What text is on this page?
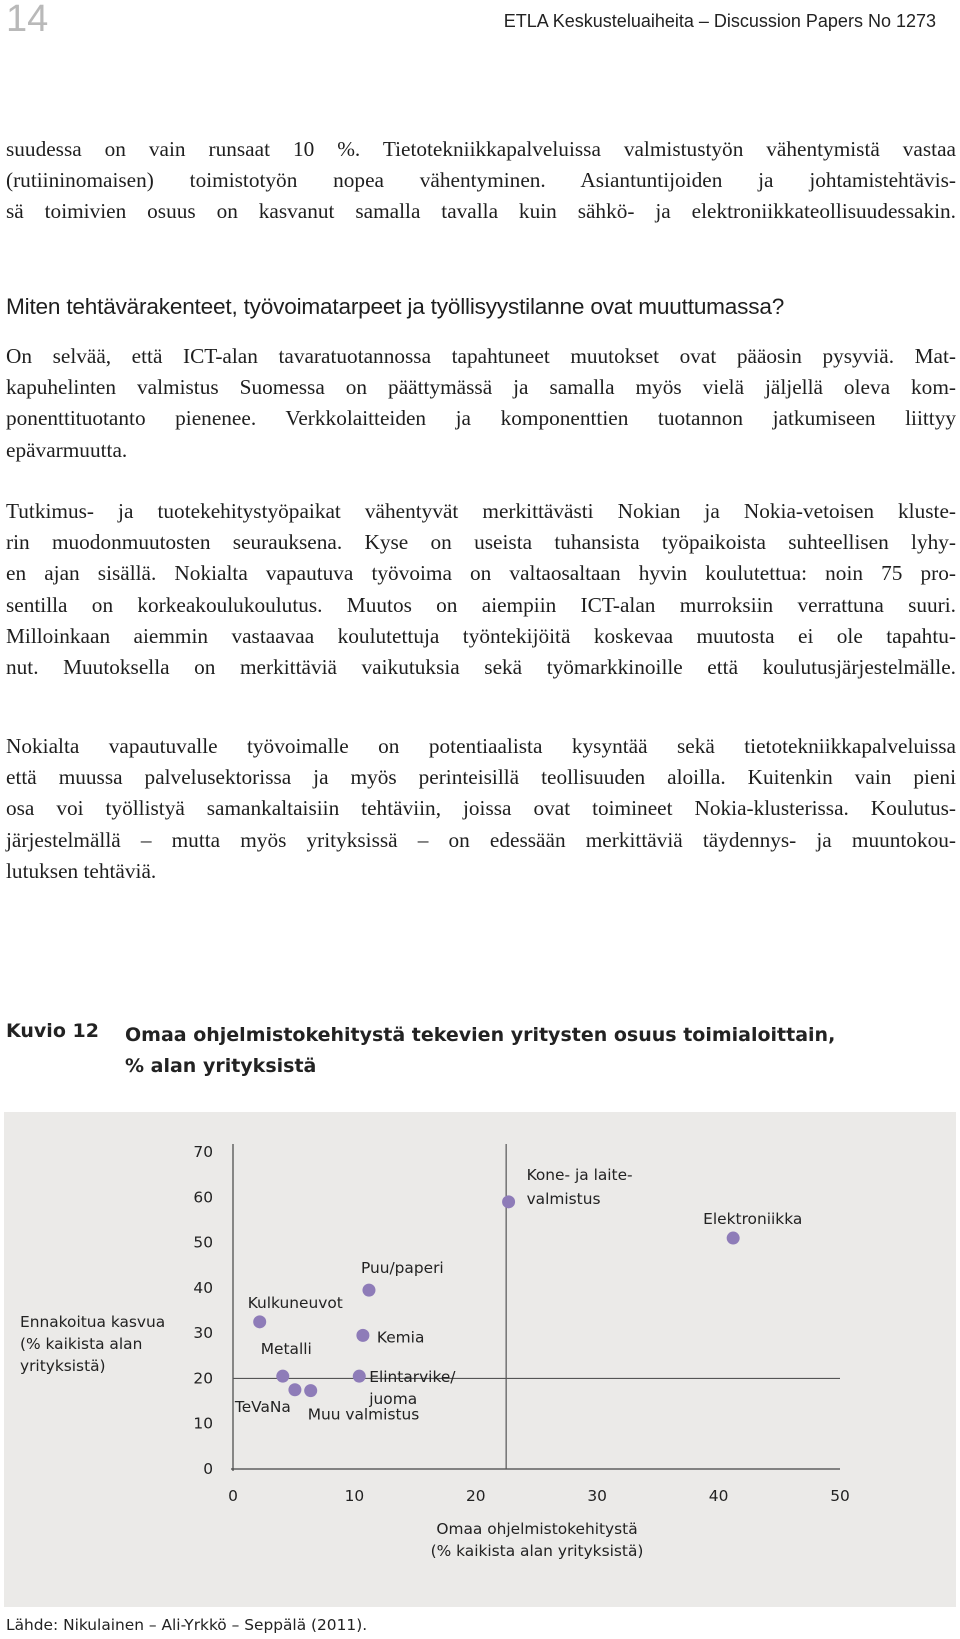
14	ETLA Keskusteluaiheita – Discussion Papers No 1273

suudessa on vain runsaat 10 %. Tietotekniikkapalveluissa valmistustyön vähentymistä vastaa
(rutiininomaisen) toimistotyön nopea vähentyminen. Asiantuntijoiden ja johtamistehtävis-
sä toimivien osuus on kasvanut samalla tavalla kuin sähkö- ja elektroniikkateollisuudessakin.

Miten tehtävärakenteet, työvoimatarpeet ja työllisyystilanne ovat muuttumassa?

On selvää, että ICT-alan tavaratuotannossa tapahtuneet muutokset ovat pääosin pysyviä. Mat-
kapuhelinten valmistus Suomessa on päättymässä ja samalla myös vielä jäljellä oleva kom-
ponenttituotanto pienenee. Verkkolaitteiden ja komponenttien tuotannon jatkumiseen liittyy
epävarmuutta.

Tutkimus- ja tuotekehitystyöpaikat vähentyvät merkittävästi Nokian ja Nokia-vetoisen kluste-
rin muodonmuutosten seurauksena. Kyse on useista tuhansista työpaikoista suhteellisen lyhy-
en ajan sisällä. Nokialta vapautuva työvoima on valtaosaltaan hyvin koulutettua: noin 75 pro-
sentilla on korkeakoulukoulutus. Muutos on aiempiin ICT-alan murroksiin verrattuna suuri.
Milloinkaan aiemmin vastaavaa koulutettuja työntekijöitä koskevaa muutosta ei ole tapahtu-
nut. Muutoksella on merkittäviä vaikutuksia sekä työmarkkinoille että koulutusjärjestelmälle.

Nokialta vapautuvalle työvoimalle on potentiaalista kysyntää sekä tietotekniikkapalveluissa
että muussa palvelusektorissa ja myös perinteisillä teollisuuden aloilla. Kuitenkin vain pieni
osa voi työllistyä samankaltaisiin tehtäviin, joissa ovat toimineet Nokia-klusterissa. Koulutus-
järjestelmällä – mutta myös yrityksissä – on edessään merkittäviä täydennys- ja muuntokou-
lutuksen tehtäviä.

Kuvio 12 Omaa ohjelmistokehitystä tekevien yritysten osuus toimialoittain,
% alan yrityksistä

0
10
20
30
40
50
60
70
0	10	20	30	40	50
Omaa ohjelmistokehitystä
(% kaikista alan yrityksistä)
Ennakoitua kasvua
(% kaikista alan
yrityksistä)
Kone- ja laite-
valmistus
Elektroniikka
Puu/paperi
Kulkuneuvot
Kemia
Metalli
TeVaNa Muu valmistus
Elintarvike/
juoma
Lähde: Nikulainen – Ali-Yrkkö – Seppälä (2011).
